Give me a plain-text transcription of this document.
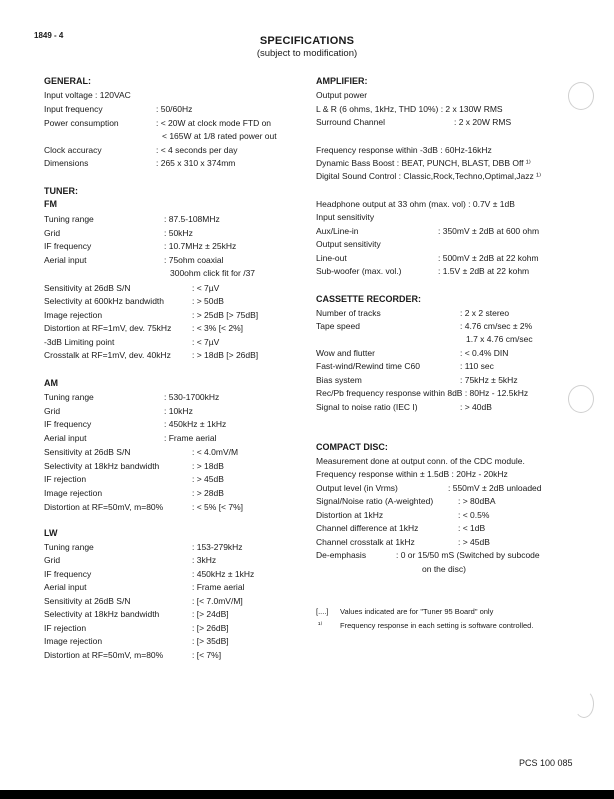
1849 - 4	SPECIFICATIONS
(subject to modification)
GENERAL:
Input voltage : 120VAC
Input frequency	: 50/60Hz
Power consumption	: < 20W at clock mode FTD on
< 165W at 1/8 rated power out
Clock accuracy	: < 4 seconds per day
Dimensions	: 265 x 310 x 374mm
TUNER:
FM
Tuning range	: 87.5-108MHz
Grid	: 50kHz
IF frequency	: 10.7MHz ± 25kHz
Aerial input	: 75ohm coaxial
300ohm click fit for /37
Sensitivity at 26dB S/N	: < 7µV
Selectivity at 600kHz bandwidth	: > 50dB
Image rejection	: > 25dB [> 75dB]
Distortion at RF=1mV, dev. 75kHz : < 3% [< 2%]
-3dB Limiting point	: < 7µV
Crosstalk at RF=1mV, dev. 40kHz : > 18dB [> 26dB]
AM
Tuning range	: 530-1700kHz
Grid	: 10kHz
IF frequency	: 450kHz ± 1kHz
Aerial input	: Frame aerial
Sensitivity at 26dB S/N	: < 4.0mV/M
Selectivity at 18kHz bandwidth	: > 18dB
IF rejection	: > 45dB
Image rejection	: > 28dB
Distortion at RF=50mV, m=80%	: < 5% [< 7%]
LW
Tuning range	: 153-279kHz
Grid	: 3kHz
IF frequency	: 450kHz ± 1kHz
Aerial input	: Frame aerial
Sensitivity at 26dB S/N	: [< 7.0mV/M]
Selectivity at 18kHz bandwidth	: [> 24dB]
IF rejection	: [> 26dB]
Image rejection	: [> 35dB]
Distortion at RF=50mV, m=80%	: [< 7%]
AMPLIFIER:
Output power
L & R (6 ohms, 1kHz, THD 10%) : 2 x 130W RMS
Surround Channel	: 2 x 20W RMS
Frequency response within -3dB : 60Hz-16kHz
Dynamic Bass Boost : BEAT, PUNCH, BLAST, DBB Off ¹⁾
Digital Sound Control : Classic,Rock,Techno,Optimal,Jazz ¹⁾
Headphone output at 33 ohm (max. vol) : 0.7V ± 1dB
Input sensitivity
Aux/Line-in	: 350mV ± 2dB at 600 ohm
Output sensitivity
Line-out	: 500mV ± 2dB at 22 kohm
Sub-woofer (max. vol.)	: 1.5V ± 2dB at 22 kohm
CASSETTE RECORDER:
Number of tracks	: 2 x 2 stereo
Tape speed	: 4.76 cm/sec ± 2%
1.7 x 4.76 cm/sec
Wow and flutter	: < 0.4% DIN
Fast-wind/Rewind time C60	: 110 sec
Bias system	: 75kHz ± 5kHz
Rec/Pb frequency response within 8dB : 80Hz - 12.5kHz
Signal to noise ratio (IEC I)	: > 40dB
COMPACT DISC:
Measurement done at output conn. of the CDC module.
Frequency response within ± 1.5dB : 20Hz - 20kHz
Output level (in Vrms)	: 550mV ± 2dB unloaded
Signal/Noise ratio (A-weighted)	: > 80dBA
Distortion at 1kHz	: < 0.5%
Channel difference at 1kHz	: < 1dB
Channel crosstalk at 1kHz	: > 45dB
De-emphasis	: 0 or 15/50 mS (Switched by subcode
on the disc)
[....] Values indicated are for "Tuner 95 Board" only
¹⁾ Frequency response in each setting is software controlled.
PCS 100 085
